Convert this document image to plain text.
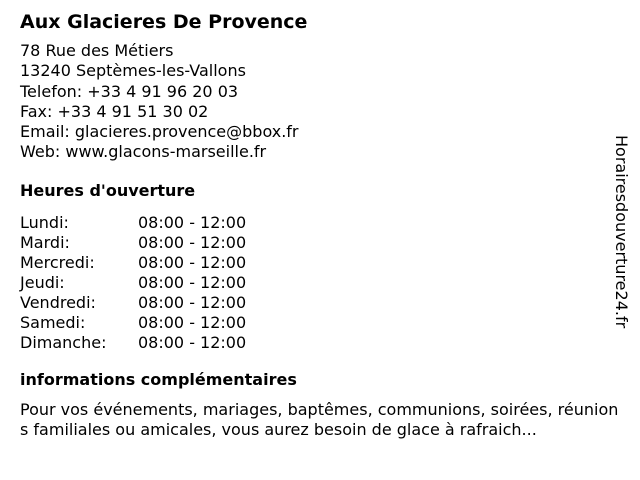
Aux Glacieres De Provence
78 Rue des Métiers
13240 Septèmes-les-Vallons
Telefon: +33 4 91 96 20 03
Fax: +33 4 91 51 30 02
Email: glacieres.provence@bbox.fr
Web: www.glacons-marseille.fr
Heures d'ouverture
Lundi:	08:00 - 12:00
Mardi:	08:00 - 12:00
Mercredi:	08:00 - 12:00
Jeudi:	08:00 - 12:00
Vendredi:	08:00 - 12:00
Samedi:	08:00 - 12:00
Dimanche: 08:00 - 12:00
informations complémentaires
Pour vos événements, mariages, baptêmes, communions, soirées, réunions familiales ou amicales, vous aurez besoin de glace à rafraich...
Horairesdouverture24.fr
